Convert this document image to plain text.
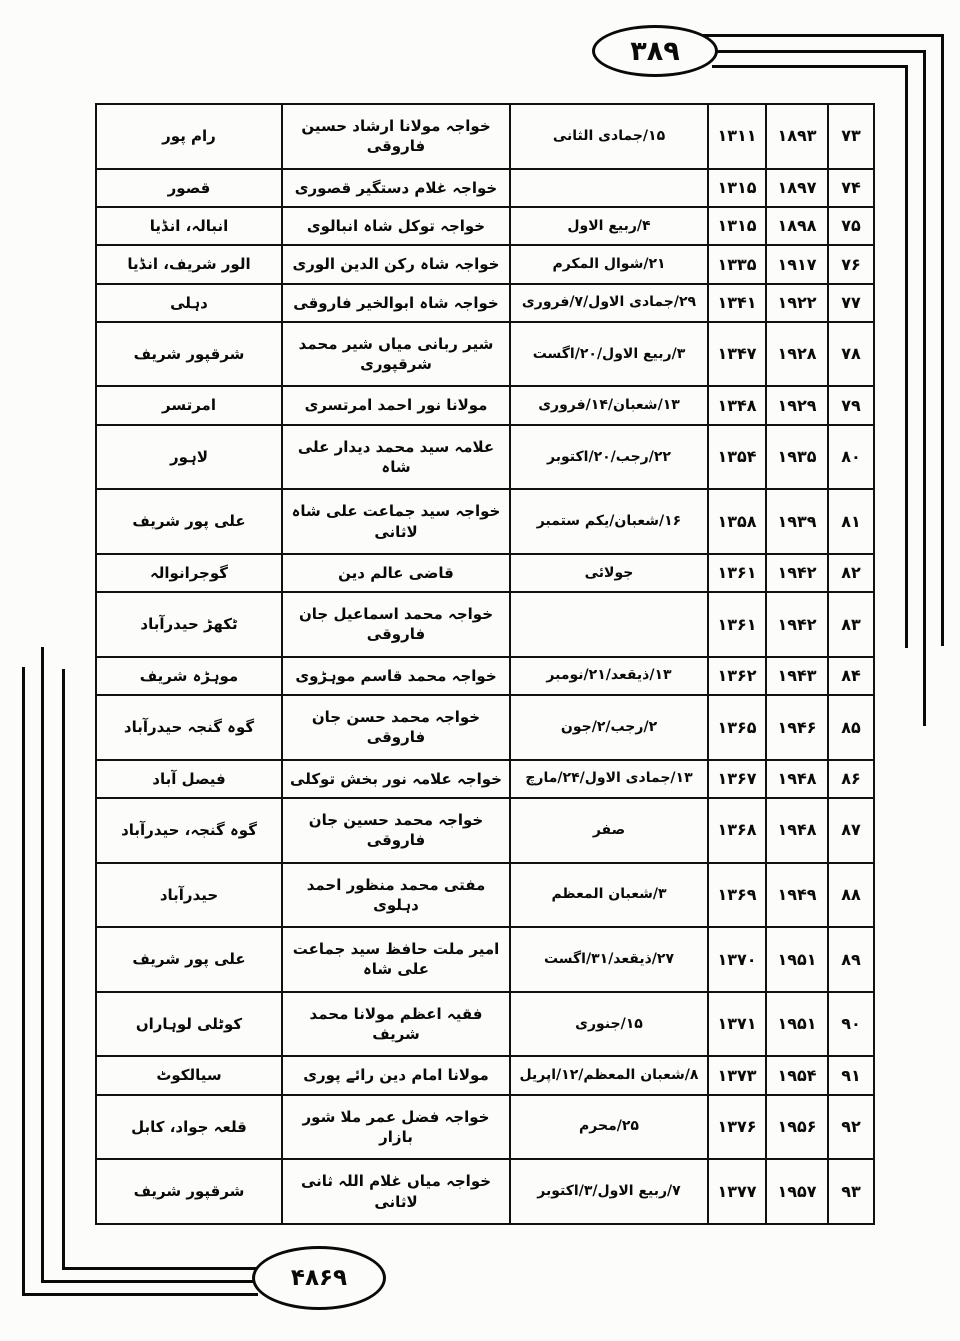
۳۸۹
۷۳	۱۸۹۳	۱۳۱۱	۱۵/جمادی الثانی	خواجہ مولانا ارشاد حسین فاروقی	رام پور
۷۴	۱۸۹۷	۱۳۱۵		خواجہ غلام دستگیر قصوری	قصور
۷۵	۱۸۹۸	۱۳۱۵	۴/ربیع الاول	خواجہ توکل شاہ انبالوی	انبالہ، انڈیا
۷۶	۱۹۱۷	۱۳۳۵	۲۱/شوال المکرم	خواجہ شاہ رکن الدین الوری	الور شریف، انڈیا
۷۷	۱۹۲۲	۱۳۴۱	۲۹/جمادی الاول/۷/فروری	خواجہ شاہ ابوالخیر فاروقی	دہلی
۷۸	۱۹۲۸	۱۳۴۷	۳/ربیع الاول/۲۰/اگست	شیر ربانی میاں شیر محمد شرقپوری	شرقپور شریف
۷۹	۱۹۲۹	۱۳۴۸	۱۳/شعبان/۱۴/فروری	مولانا نور احمد امرتسری	امرتسر
۸۰	۱۹۳۵	۱۳۵۴	۲۲/رجب/۲۰/اکتوبر	علامہ سید محمد دیدار علی شاہ	لاہور
۸۱	۱۹۳۹	۱۳۵۸	۱۶/شعبان/یکم ستمبر	خواجہ سید جماعت علی شاہ لاثانی	علی پور شریف
۸۲	۱۹۴۲	۱۳۶۱	جولائی	قاضی عالم دین	گوجرانوالہ
۸۳	۱۹۴۲	۱۳۶۱		خواجہ محمد اسماعیل جان فاروقی	ٹکھڑ حیدرآباد
۸۴	۱۹۴۳	۱۳۶۲	۱۳/ذیقعد/۲۱/نومبر	خواجہ محمد قاسم موہڑوی	موہڑہ شریف
۸۵	۱۹۴۶	۱۳۶۵	۲/رجب/۲/جون	خواجہ محمد حسن جان فاروقی	گوہ گنجہ حیدرآباد
۸۶	۱۹۴۸	۱۳۶۷	۱۳/جمادی الاول/۲۴/مارچ	خواجہ علامہ نور بخش توکلی	فیصل آباد
۸۷	۱۹۴۸	۱۳۶۸	صفر	خواجہ محمد حسین جان فاروقی	گوہ گنجہ، حیدرآباد
۸۸	۱۹۴۹	۱۳۶۹	۳/شعبان المعظم	مفتی محمد منظور احمد دہلوی	حیدرآباد
۸۹	۱۹۵۱	۱۳۷۰	۲۷/ذیقعد/۳۱/اگست	امیر ملت حافظ سید جماعت علی شاہ	علی پور شریف
۹۰	۱۹۵۱	۱۳۷۱	۱۵/جنوری	فقیہ اعظم مولانا محمد شریف	کوٹلی لوہاراں
۹۱	۱۹۵۴	۱۳۷۳	۸/شعبان المعظم/۱۲/اپریل	مولانا امام دین رائے پوری	سیالکوٹ
۹۲	۱۹۵۶	۱۳۷۶	۲۵/محرم	خواجہ فضل عمر ملا شور بازار	قلعہ جواد، کابل
۹۳	۱۹۵۷	۱۳۷۷	۷/ربیع الاول/۳/اکتوبر	خواجہ میاں غلام اللہ ثانی لاثانی	شرقپور شریف
۴۸۶۹
